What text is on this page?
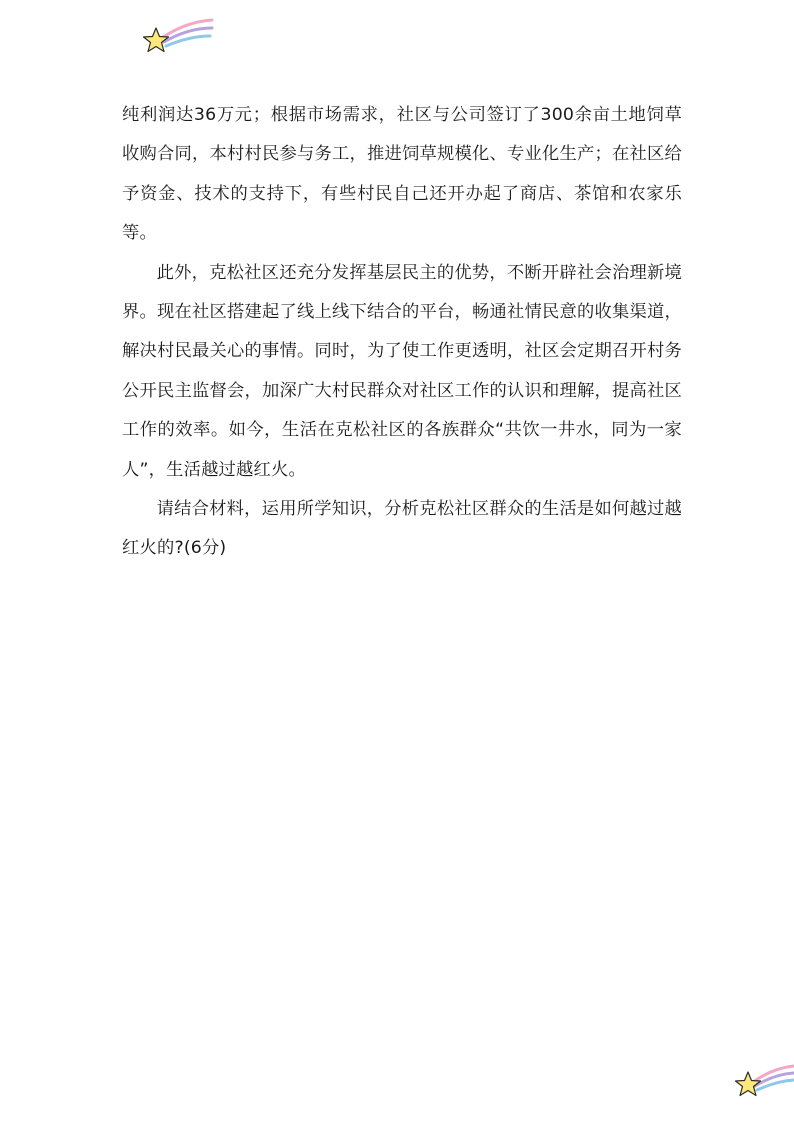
纯利润达36万元；根据市场需求，社区与公司签订了300余亩土地饲草收购合同，本村村民参与务工，推进饲草规模化、专业化生产；在社区给予资金、技术的支持下，有些村民自己还开办起了商店、茶馆和农家乐等。

此外，克松社区还充分发挥基层民主的优势，不断开辟社会治理新境界。现在社区搭建起了线上线下结合的平台，畅通社情民意的收集渠道，解决村民最关心的事情。同时，为了使工作更透明，社区会定期召开村务公开民主监督会，加深广大村民群众对社区工作的认识和理解，提高社区工作的效率。如今，生活在克松社区的各族群众“共饮一井水，同为一家人”，生活越过越红火。

请结合材料，运用所学知识，分析克松社区群众的生活是如何越过越红火的?(6分)
